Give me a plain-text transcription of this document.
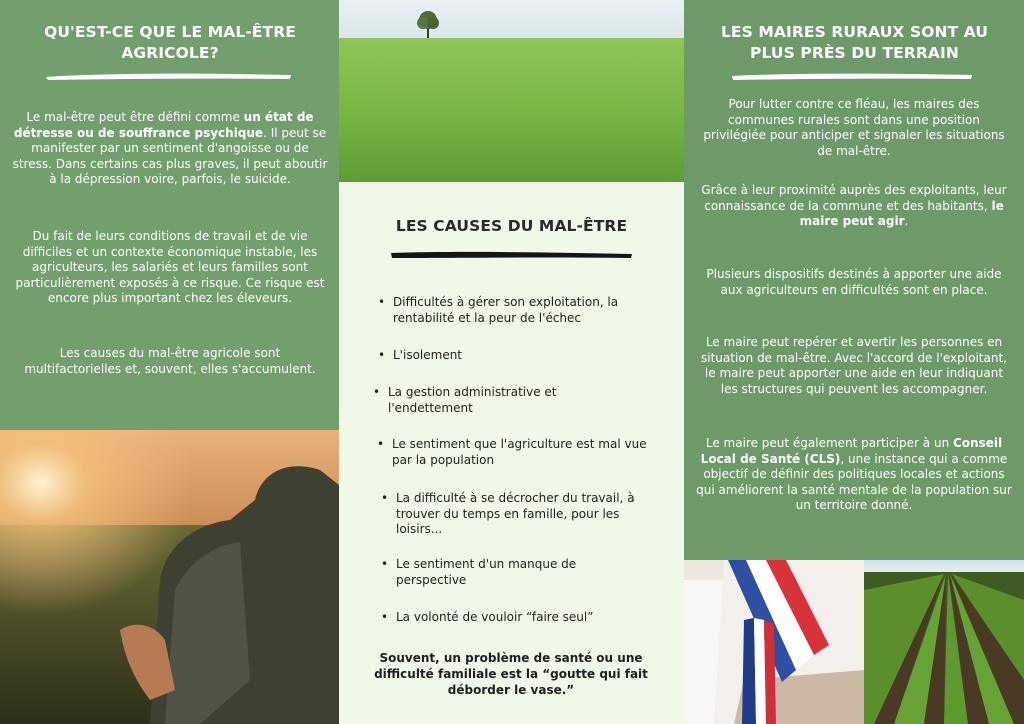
QU'EST-CE QUE LE MAL-ÊTRE AGRICOLE?

Le mal-être peut être défini comme un état de détresse ou de souffrance psychique. Il peut se manifester par un sentiment d'angoisse ou de stress. Dans certains cas plus graves, il peut aboutir à la dépression voire, parfois, le suicide.

Du fait de leurs conditions de travail et de vie difficiles et un contexte économique instable, les agriculteurs, les salariés et leurs familles sont particulièrement exposés à ce risque. Ce risque est encore plus important chez les éleveurs.

Les causes du mal-être agricole sont multifactorielles et, souvent, elles s'accumulent.

LES CAUSES DU MAL-ÊTRE
• Difficultés à gérer son exploitation, la rentabilité et la peur de l'échec
• L'isolement
• La gestion administrative et l'endettement
• Le sentiment que l'agriculture est mal vue par la population
• La difficulté à se décrocher du travail, à trouver du temps en famille, pour les loisirs...
• Le sentiment d'un manque de perspective
• La volonté de vouloir “faire seul”

Souvent, un problème de santé ou une difficulté familiale est la “goutte qui fait déborder le vase.”

LES MAIRES RURAUX SONT AU PLUS PRÈS DU TERRAIN

Pour lutter contre ce fléau, les maires des communes rurales sont dans une position privilégiée pour anticiper et signaler les situations de mal-être.

Grâce à leur proximité auprès des exploitants, leur connaissance de la commune et des habitants, le maire peut agir.

Plusieurs dispositifs destinés à apporter une aide aux agriculteurs en difficultés sont en place.

Le maire peut repérer et avertir les personnes en situation de mal-être. Avec l'accord de l'exploitant, le maire peut apporter une aide en leur indiquant les structures qui peuvent les accompagner.

Le maire peut également participer à un Conseil Local de Santé (CLS), une instance qui a comme objectif de définir des politiques locales et actions qui améliorent la santé mentale de la population sur un territoire donné.
